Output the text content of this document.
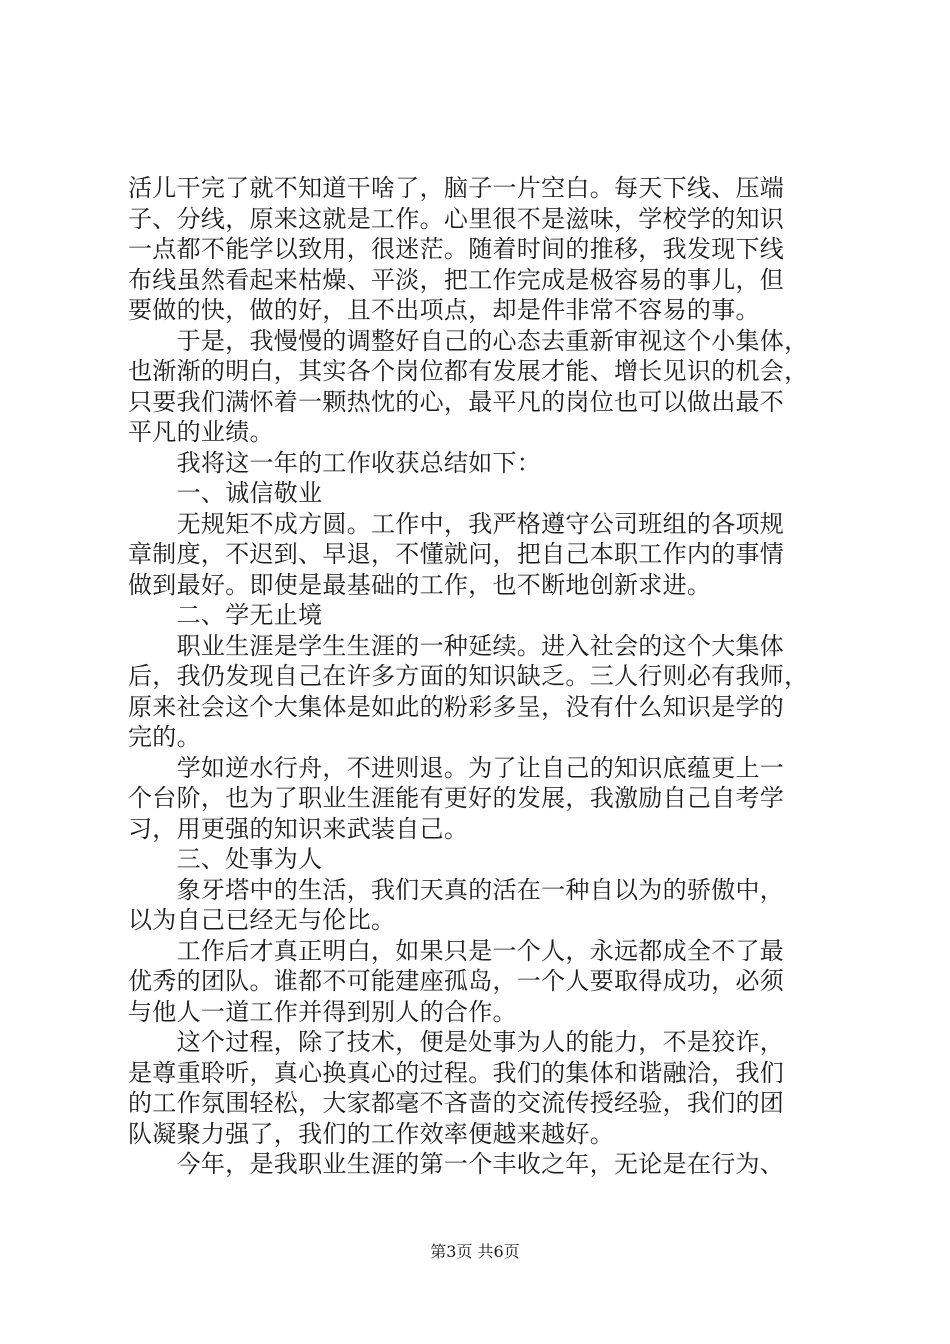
活儿干完了就不知道干啥了，脑子一片空白。每天下线、压端
子、分线，原来这就是工作。心里很不是滋味，学校学的知识
一点都不能学以致用，很迷茫。随着时间的推移，我发现下线
布线虽然看起来枯燥、平淡，把工作完成是极容易的事儿，但
要做的快，做的好，且不出项点，却是件非常不容易的事。
　　于是，我慢慢的调整好自己的心态去重新审视这个小集体，
也渐渐的明白，其实各个岗位都有发展才能、增长见识的机会，
只要我们满怀着一颗热忱的心，最平凡的岗位也可以做出最不
平凡的业绩。
　　我将这一年的工作收获总结如下：
　　一、诚信敬业
　　无规矩不成方圆。工作中，我严格遵守公司班组的各项规
章制度，不迟到、早退，不懂就问，把自己本职工作内的事情
做到最好。即使是最基础的工作，也不断地创新求进。
　　二、学无止境
　　职业生涯是学生生涯的一种延续。进入社会的这个大集体
后，我仍发现自己在许多方面的知识缺乏。三人行则必有我师，
原来社会这个大集体是如此的粉彩多呈，没有什么知识是学的
完的。
　　学如逆水行舟，不进则退。为了让自己的知识底蕴更上一
个台阶，也为了职业生涯能有更好的发展，我激励自己自考学
习，用更强的知识来武装自己。
　　三、处事为人
　　象牙塔中的生活，我们天真的活在一种自以为的骄傲中，
以为自己已经无与伦比。
　　工作后才真正明白，如果只是一个人，永远都成全不了最
优秀的团队。谁都不可能建座孤岛，一个人要取得成功，必须
与他人一道工作并得到别人的合作。
　　这个过程，除了技术，便是处事为人的能力，不是狡诈，
是尊重聆听，真心换真心的过程。我们的集体和谐融洽，我们
的工作氛围轻松，大家都毫不吝啬的交流传授经验，我们的团
队凝聚力强了，我们的工作效率便越来越好。
　　今年，是我职业生涯的第一个丰收之年，无论是在行为、
第3页 共6页
